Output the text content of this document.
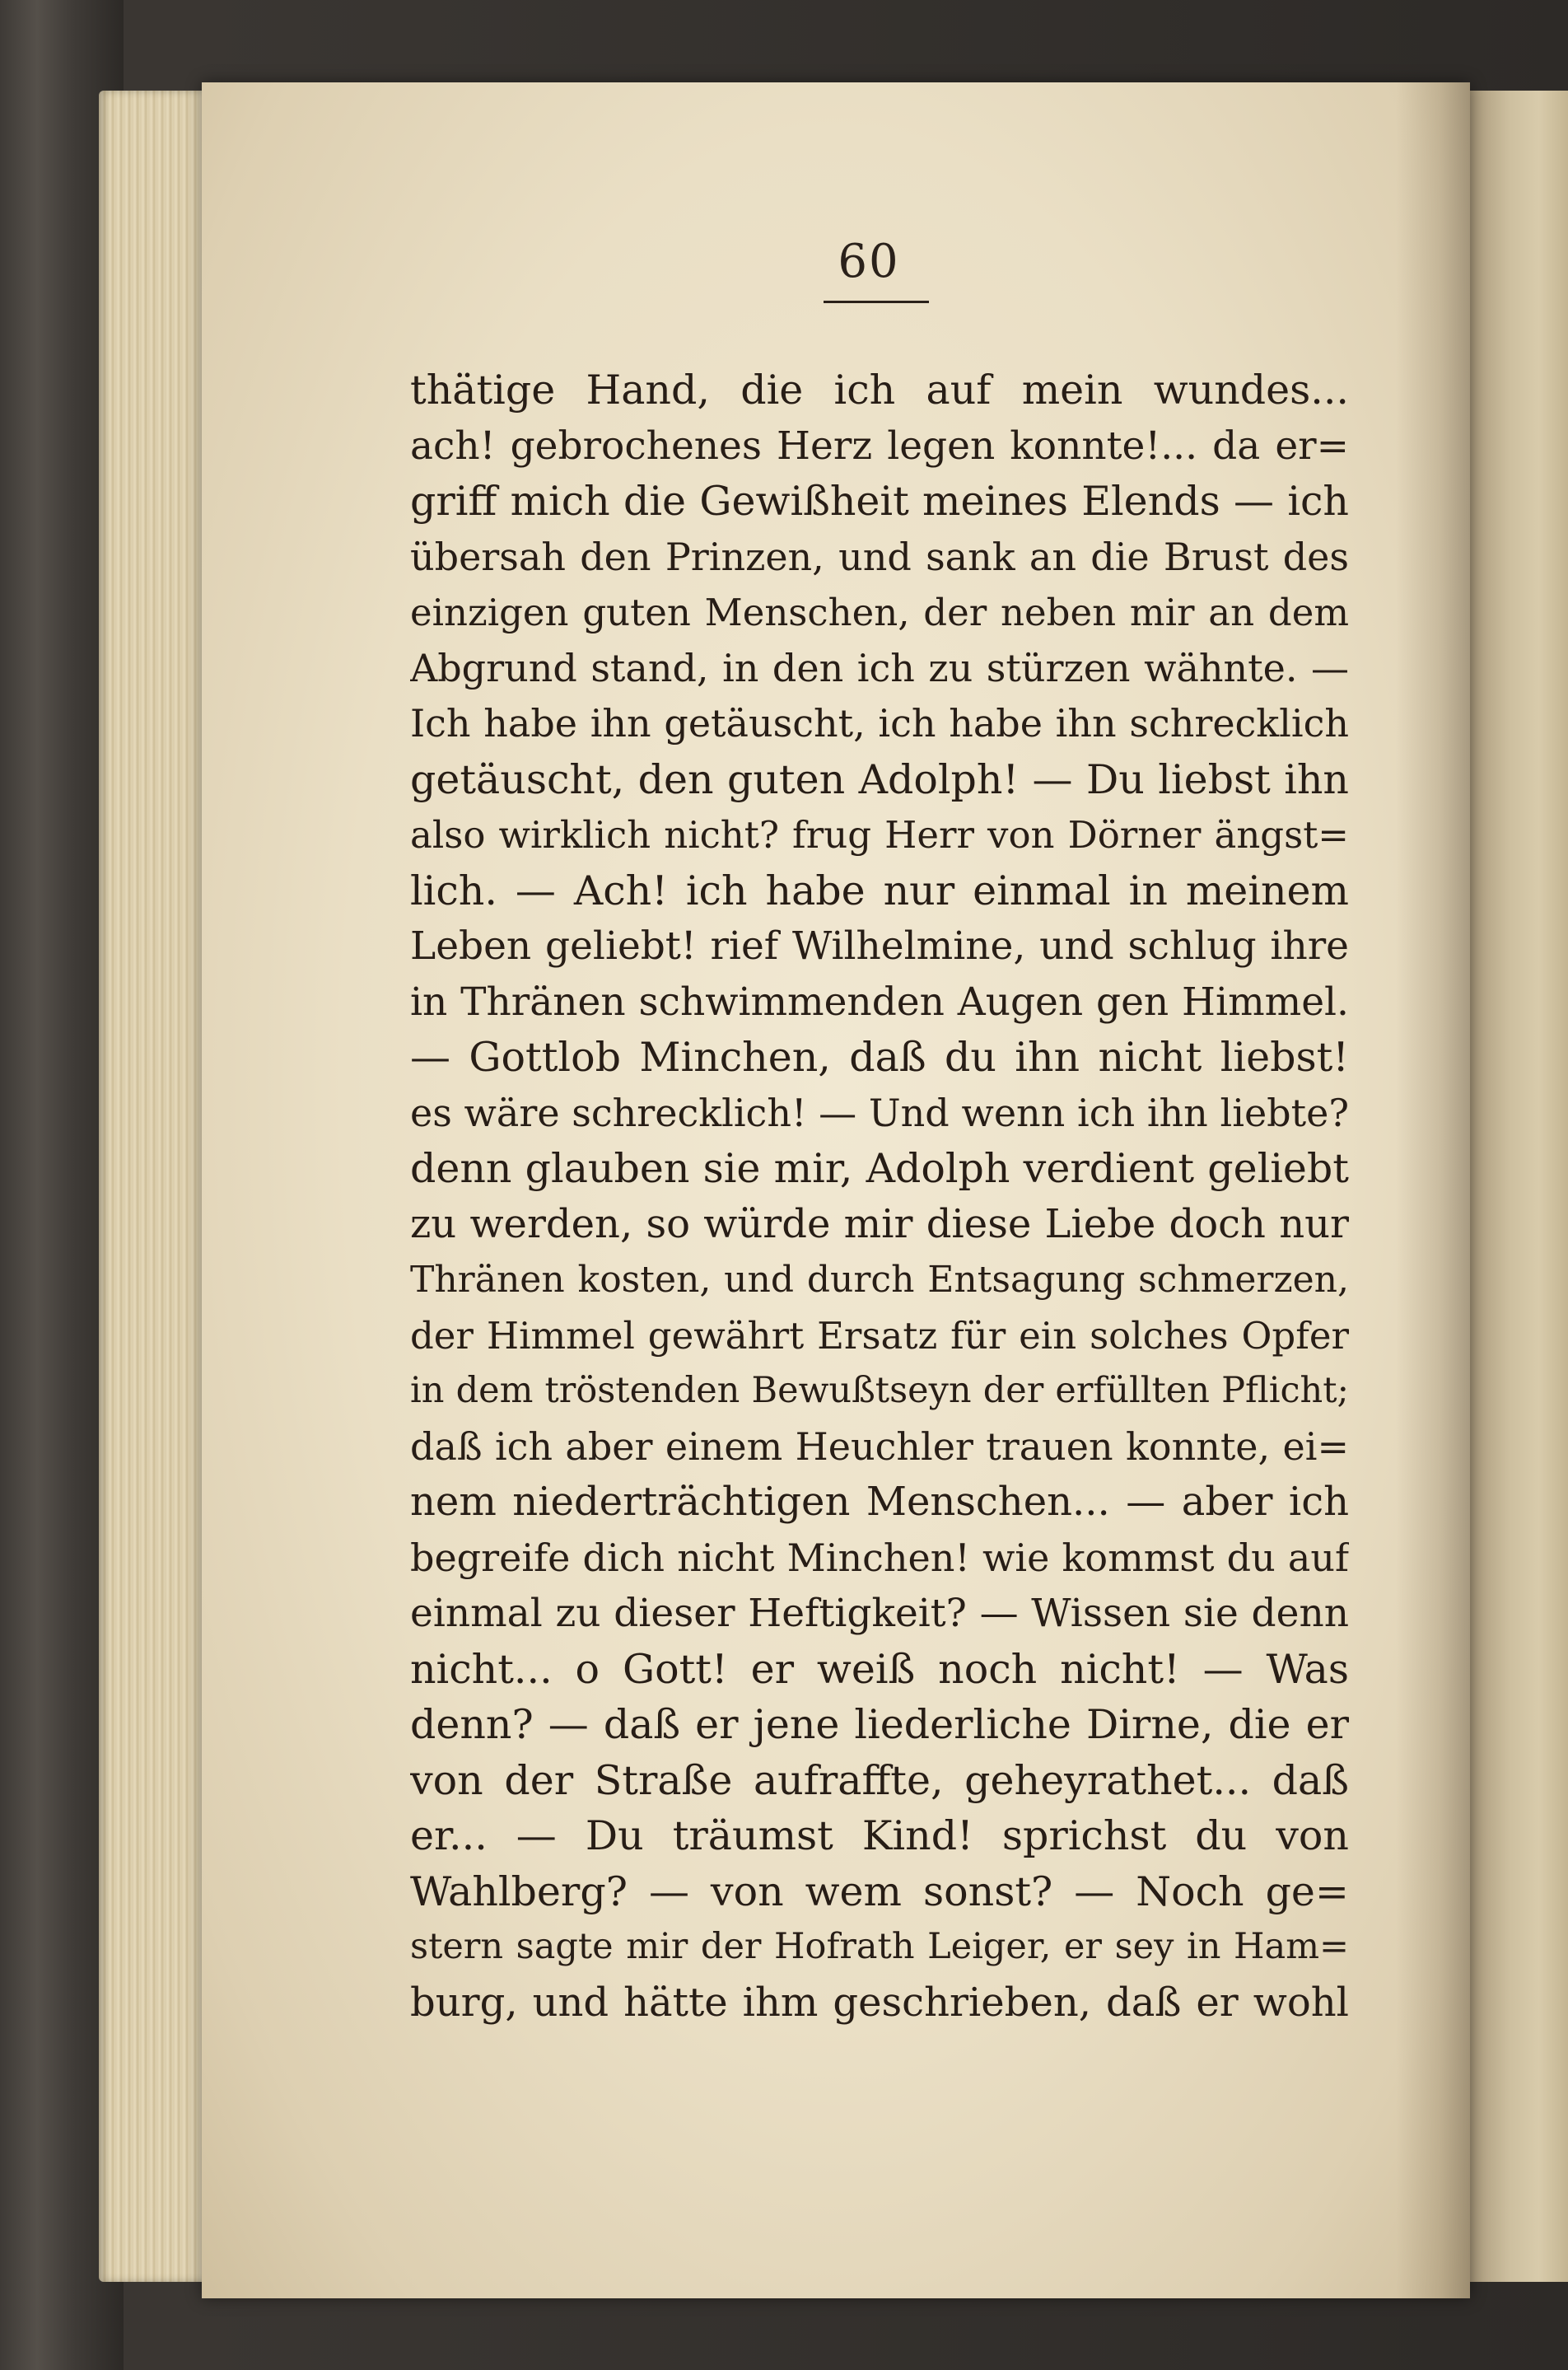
60
thätige Hand, die ich auf mein wundes...
ach! gebrochenes Herz legen konnte!... da er=
griff mich die Gewißheit meines Elends — ich
übersah den Prinzen, und sank an die Brust des
einzigen guten Menschen, der neben mir an dem
Abgrund stand, in den ich zu stürzen wähnte. —
Ich habe ihn getäuscht, ich habe ihn schrecklich
getäuscht, den guten Adolph! — Du liebst ihn
also wirklich nicht? frug Herr von Dörner ängst=
lich. — Ach! ich habe nur einmal in meinem
Leben geliebt! rief Wilhelmine, und schlug ihre
in Thränen schwimmenden Augen gen Himmel.
— Gottlob Minchen, daß du ihn nicht liebst!
es wäre schrecklich! — Und wenn ich ihn liebte?
denn glauben sie mir, Adolph verdient geliebt
zu werden, so würde mir diese Liebe doch nur
Thränen kosten, und durch Entsagung schmerzen,
der Himmel gewährt Ersatz für ein solches Opfer
in dem tröstenden Bewußtseyn der erfüllten Pflicht;
daß ich aber einem Heuchler trauen konnte, ei=
nem niederträchtigen Menschen... — aber ich
begreife dich nicht Minchen! wie kommst du auf
einmal zu dieser Heftigkeit? — Wissen sie denn
nicht... o Gott! er weiß noch nicht! — Was
denn? — daß er jene liederliche Dirne, die er
von der Straße aufraffte, geheyrathet... daß
er... — Du träumst Kind! sprichst du von
Wahlberg? — von wem sonst? — Noch ge=
stern sagte mir der Hofrath Leiger, er sey in Ham=
burg, und hätte ihm geschrieben, daß er wohl
